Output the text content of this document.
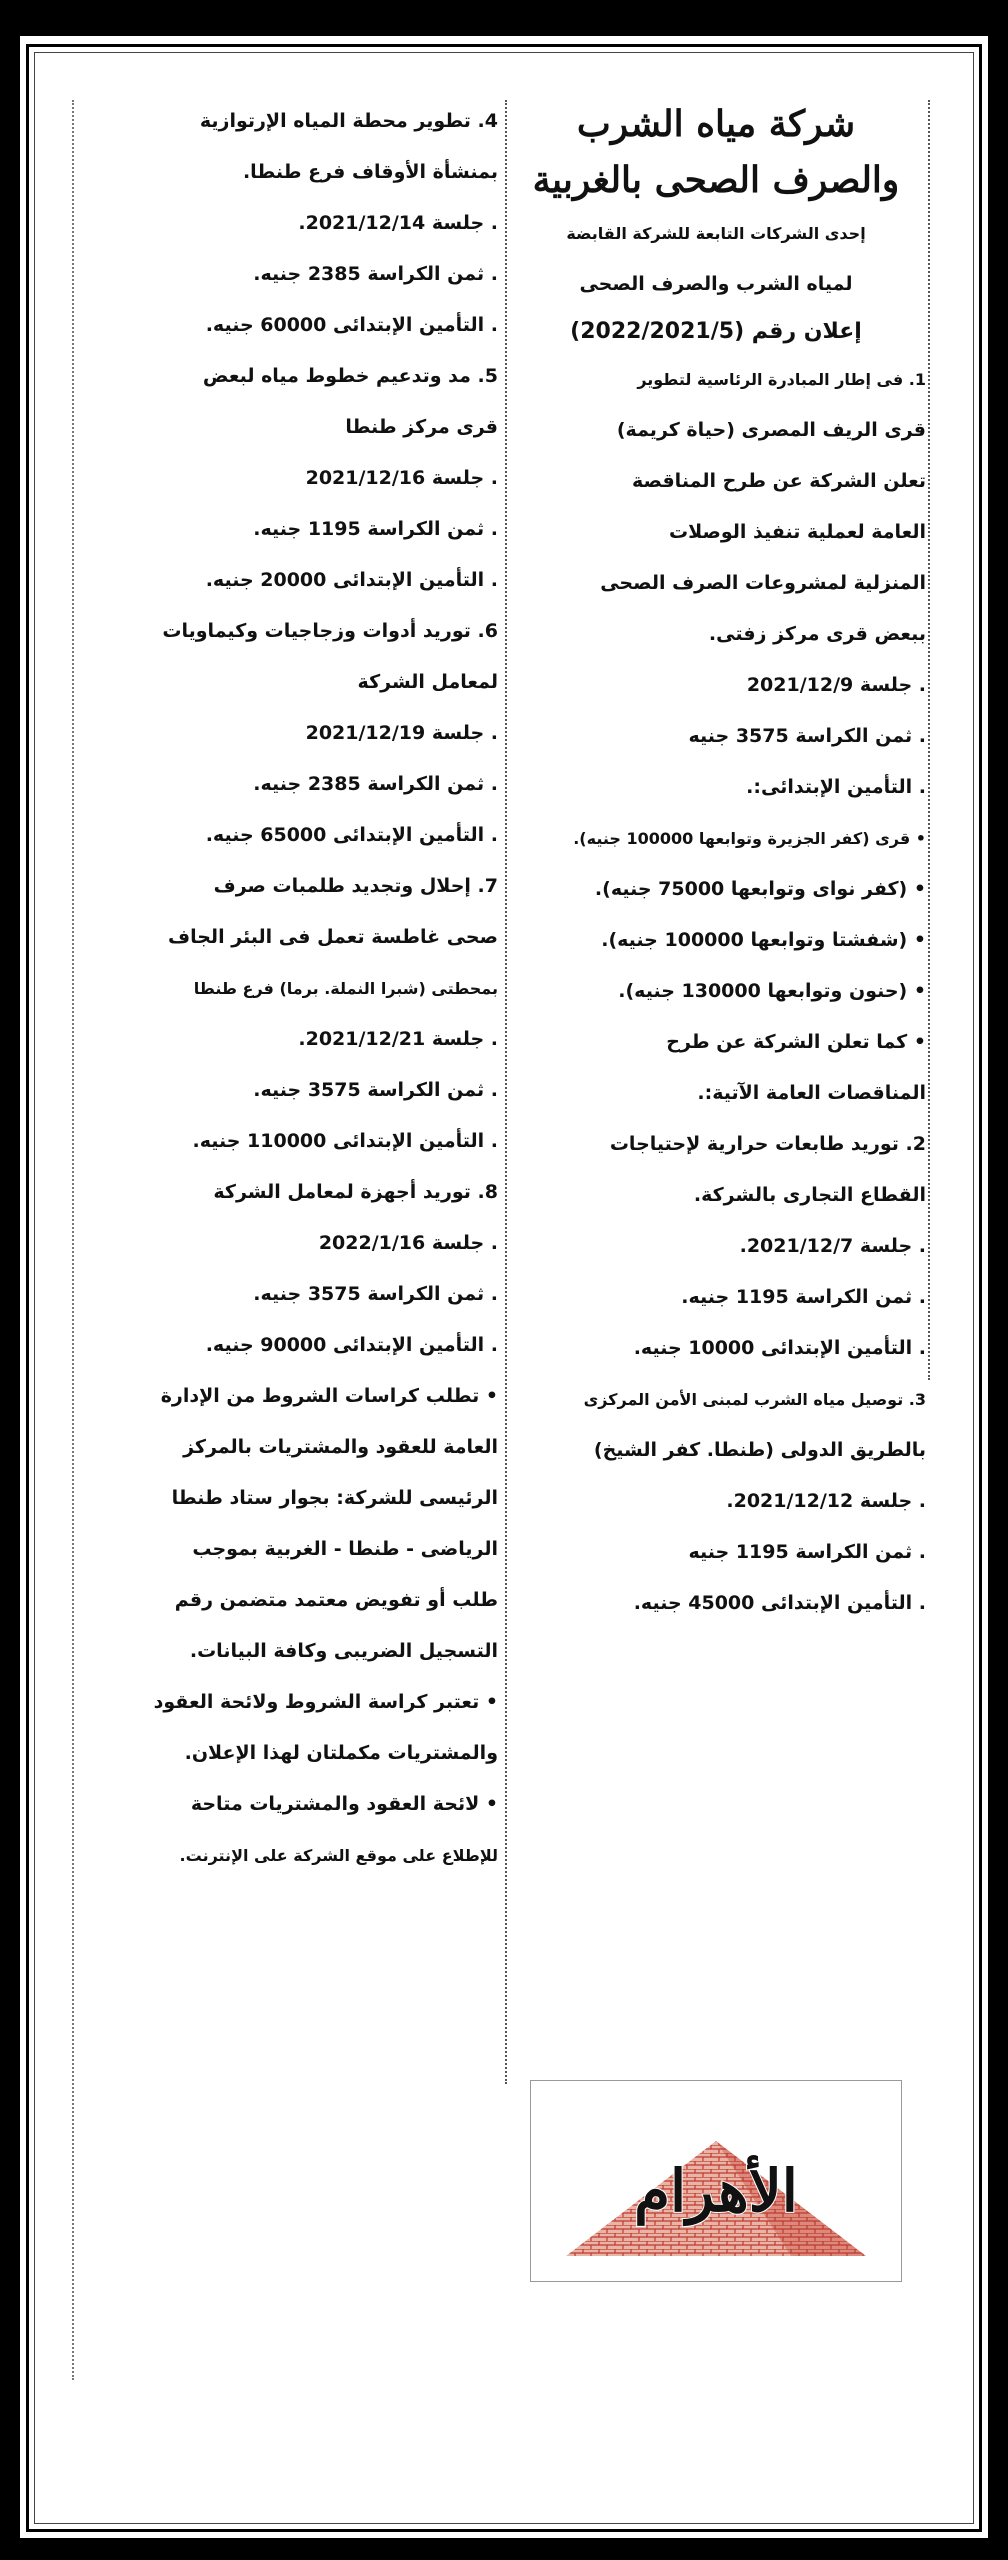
شركة مياه الشرب

والصرف الصحى بالغربية

إحدى الشركات التابعة للشركة القابضة

لمياه الشرب والصرف الصحى

إعلان رقم (2022/2021/5)

1. فى إطار المبادرة الرئاسية لتطوير

قرى الريف المصرى (حياة كريمة)

تعلن الشركة عن طرح المناقصة

العامة لعملية تنفيذ الوصلات

المنزلية لمشروعات الصرف الصحى

ببعض قرى مركز زفتى.

. جلسة 2021/12/9

. ثمن الكراسة 3575 جنيه

. التأمين الإبتدائى:.

• قرى (كفر الجزيرة وتوابعها 100000 جنيه).

• (كفر نواى وتوابعها 75000 جنيه).

• (شفشتا وتوابعها 100000 جنيه).

• (حنون وتوابعها 130000 جنيه).

• كما تعلن الشركة عن طرح

المناقصات العامة الآتية:.

2. توريد طابعات حرارية لإحتياجات

القطاع التجارى بالشركة.

. جلسة 2021/12/7.

. ثمن الكراسة 1195 جنيه.

. التأمين الإبتدائى 10000 جنيه.

3. توصيل مياه الشرب لمبنى الأمن المركزى

بالطريق الدولى (طنطا. كفر الشيخ)

. جلسة 2021/12/12.

. ثمن الكراسة 1195 جنيه

. التأمين الإبتدائى 45000 جنيه.

4. تطوير محطة المياه الإرتوازية

بمنشأة الأوقاف فرع طنطا.

. جلسة 2021/12/14.

. ثمن الكراسة 2385 جنيه.

. التأمين الإبتدائى 60000 جنيه.

5. مد وتدعيم خطوط مياه لبعض

قرى مركز طنطا

. جلسة 2021/12/16

. ثمن الكراسة 1195 جنيه.

. التأمين الإبتدائى 20000 جنيه.

6. توريد أدوات وزجاجيات وكيماويات

لمعامل الشركة

. جلسة 2021/12/19

. ثمن الكراسة 2385 جنيه.

. التأمين الإبتدائى 65000 جنيه.

7. إحلال وتجديد طلمبات صرف

صحى غاطسة تعمل فى البئر الجاف

بمحطتى (شبرا النملة. برما) فرع طنطا

. جلسة 2021/12/21.

. ثمن الكراسة 3575 جنيه.

. التأمين الإبتدائى 110000 جنيه.

8. توريد أجهزة لمعامل الشركة

. جلسة 2022/1/16

. ثمن الكراسة 3575 جنيه.

. التأمين الإبتدائى 90000 جنيه.

• تطلب كراسات الشروط من الإدارة

العامة للعقود والمشتريات بالمركز

الرئيسى للشركة: بجوار ستاد طنطا

الرياضى - طنطا - الغربية بموجب

طلب أو تفويض معتمد متضمن رقم

التسجيل الضريبى وكافة البيانات.

• تعتبر كراسة الشروط ولائحة العقود

والمشتريات مكملتان لهذا الإعلان.

• لائحة العقود والمشتريات متاحة

للإطلاع على موقع الشركة على الإنترنت.

الأهرام
